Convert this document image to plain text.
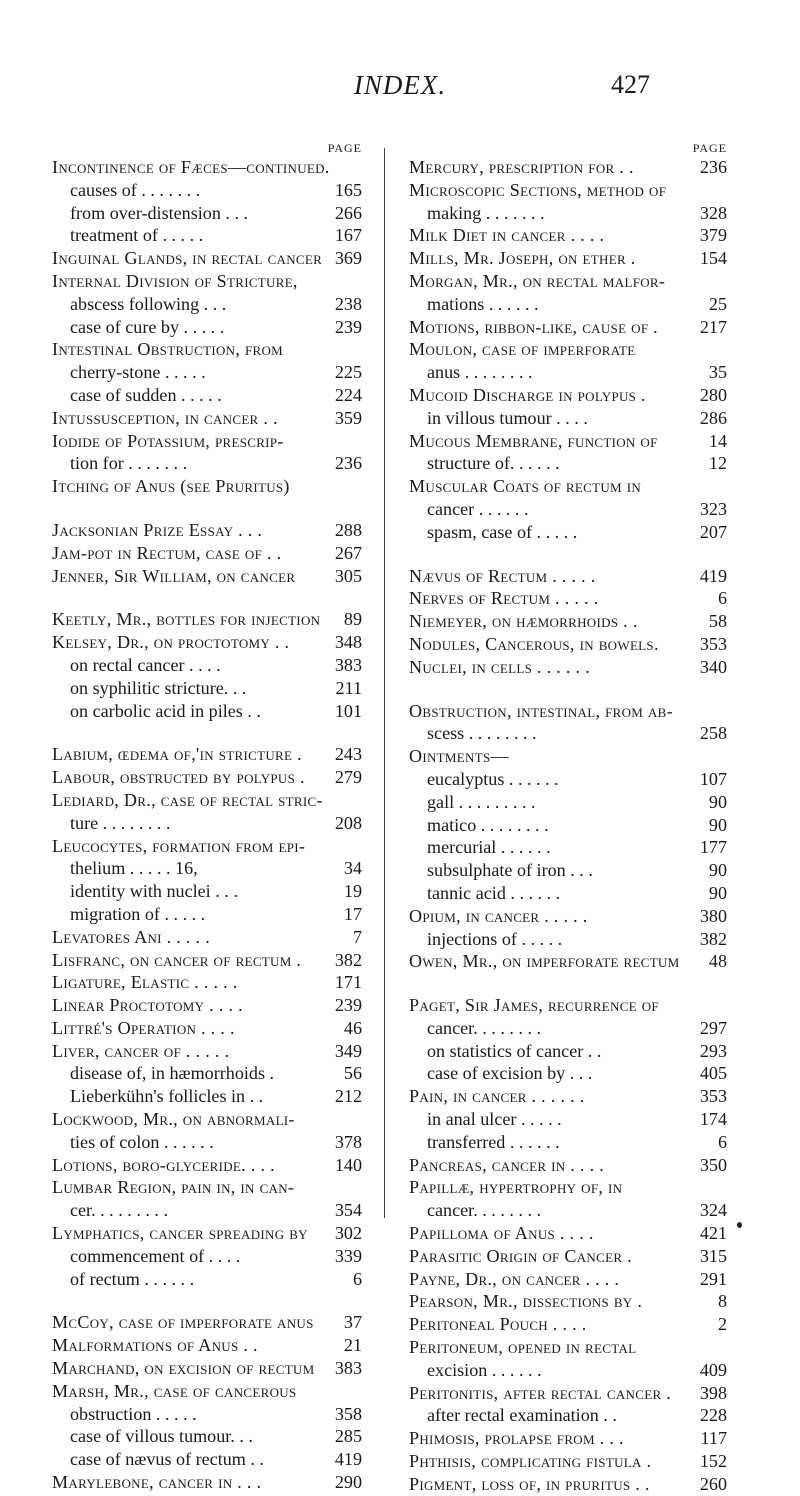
INDEX.	427
PAGE
Incontinence of Fæces—continued.
causes of . . . . . . .	165
from over-distension . . .	266
treatment of . . . . .	167
Inguinal Glands, in rectal cancer 369
Internal Division of Stricture,
abscess following . . .	238
case of cure by . . . . .	239
Intestinal Obstruction, from
cherry-stone . . . . .	225
case of sudden . . . . .	224
Intussusception, in cancer . .	359
Iodide of Potassium, prescrip-
tion for . . . . . . .	236
Itching of Anus (see Pruritus)
Jacksonian Prize Essay . . .	288
Jam-pot in Rectum, case of . .	267
Jenner, Sir William, on cancer	305
Keetly, Mr., bottles for injection	89
Kelsey, Dr., on proctotomy . .	348
on rectal cancer . . . .	383
on syphilitic stricture. . .	211
on carbolic acid in piles . .	101
Labium, œdema of,'in stricture .	243
Labour, obstructed by polypus .	279
Lediard, Dr., case of rectal stric-
ture . . . . . . . .	208
Leucocytes, formation from epi-
thelium . . . . . 16,	34
identity with nuclei . . .	19
migration of . . . . .	17
Levatores Ani . . . . .	7
Lisfranc, on cancer of rectum .	382
Ligature, Elastic . . . . .	171
Linear Proctotomy . . . .	239
Littré's Operation . . . .	46
Liver, cancer of . . . . .	349
disease of, in hæmorrhoids .	56
Lieberkühn's follicles in . .	212
Lockwood, Mr., on abnormali-
ties of colon . . . . . .	378
Lotions, boro-glyceride. . . .	140
Lumbar Region, pain in, in can-
cer. . . . . . . . .	354
Lymphatics, cancer spreading by	302
commencement of . . . .	339
of rectum . . . . . .	6
McCoy, case of imperforate anus	37
Malformations of Anus . .	21
Marchand, on excision of rectum	383
Marsh, Mr., case of cancerous
obstruction . . . . .	358
case of villous tumour. . .	285
case of nævus of rectum . .	419
Marylebone, cancer in . . .	290
PAGE
Mercury, prescription for . .	236
Microscopic Sections, method of
making . . . . . . .	328
Milk Diet in cancer . . . .	379
Mills, Mr. Joseph, on ether .	154
Morgan, Mr., on rectal malfor-
mations . . . . . .	25
Motions, ribbon-like, cause of .	217
Moulon, case of imperforate
anus . . . . . . . .	35
Mucoid Discharge in polypus .	280
in villous tumour . . . .	286
Mucous Membrane, function of	14
structure of. . . . . .	12
Muscular Coats of rectum in
cancer . . . . . .	323
spasm, case of . . . . .	207
Nævus of Rectum . . . . .	419
Nerves of Rectum . . . . .	6
Niemeyer, on hæmorrhoids . .	58
Nodules, Cancerous, in bowels.	353
Nuclei, in cells . . . . . .	340
Obstruction, intestinal, from ab-
scess . . . . . . . .	258
Ointments—
eucalyptus . . . . . .	107
gall . . . . . . . . .	90
matico . . . . . . . .	90
mercurial . . . . . .	177
subsulphate of iron . . .	90
tannic acid . . . . . .	90
Opium, in cancer . . . . .	380
injections of . . . . .	382
Owen, Mr., on imperforate rectum	48
Paget, Sir James, recurrence of
cancer. . . . . . . .	297
on statistics of cancer . .	293
case of excision by . . .	405
Pain, in cancer . . . . . .	353
in anal ulcer . . . . .	174
transferred . . . . . .	6
Pancreas, cancer in . . . .	350
Papillæ, hypertrophy of, in
cancer. . . . . . . .	324
Papilloma of Anus . . . .	421
Parasitic Origin of Cancer .	315
Payne, Dr., on cancer . . . .	291
Pearson, Mr., dissections by .	8
Peritoneal Pouch . . . .	2
Peritoneum, opened in rectal
excision . . . . . .	409
Peritonitis, after rectal cancer .	398
after rectal examination . .	228
Phimosis, prolapse from . . .	117
Phthisis, complicating fistula .	152
Pigment, loss of, in pruritus . .	260
